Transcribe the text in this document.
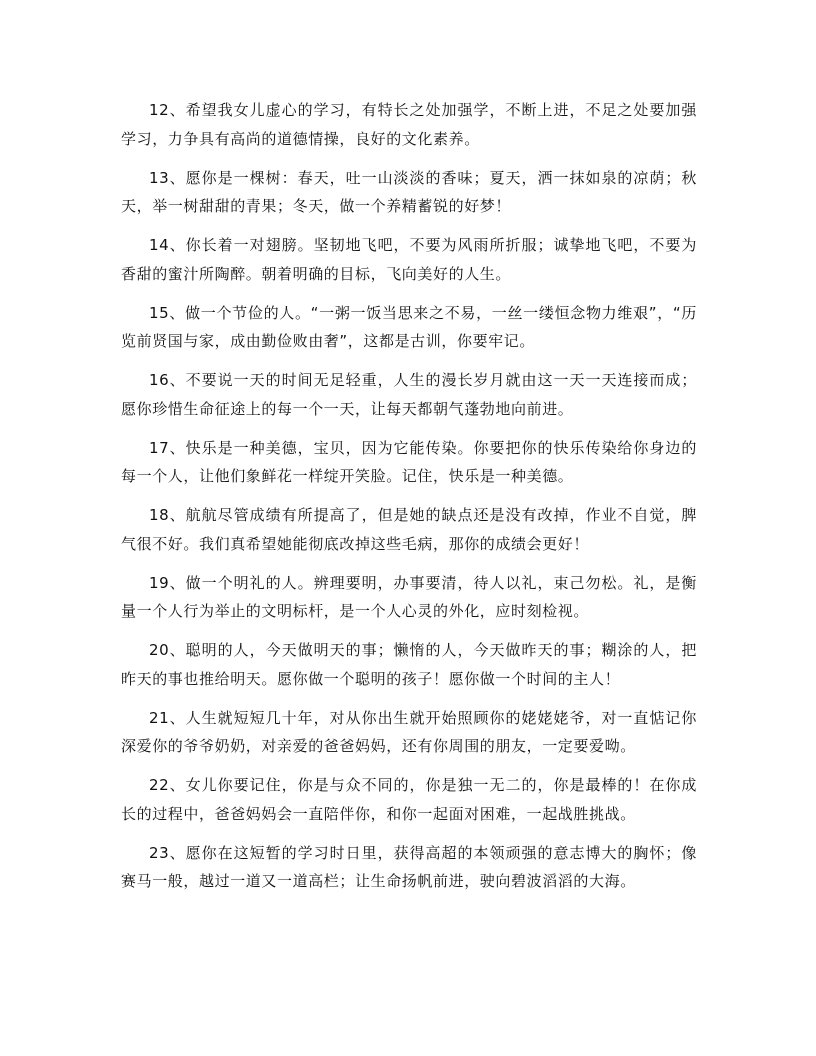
12、希望我女儿虚心的学习，有特长之处加强学，不断上进，不足之处要加强学习，力争具有高尚的道德情操，良好的文化素养。

13、愿你是一棵树：春天，吐一山淡淡的香味；夏天，洒一抹如泉的凉荫；秋天，举一树甜甜的青果；冬天，做一个养精蓄锐的好梦！

14、你长着一对翅膀。坚韧地飞吧，不要为风雨所折服；诚挚地飞吧，不要为香甜的蜜汁所陶醉。朝着明确的目标，飞向美好的人生。

15、做一个节俭的人。“一粥一饭当思来之不易，一丝一缕恒念物力维艰”，“历览前贤国与家，成由勤俭败由奢”，这都是古训，你要牢记。

16、不要说一天的时间无足轻重，人生的漫长岁月就由这一天一天连接而成；愿你珍惜生命征途上的每一个一天，让每天都朝气蓬勃地向前进。

17、快乐是一种美德，宝贝，因为它能传染。你要把你的快乐传染给你身边的每一个人，让他们象鲜花一样绽开笑脸。记住，快乐是一种美德。

18、航航尽管成绩有所提高了，但是她的缺点还是没有改掉，作业不自觉，脾气很不好。我们真希望她能彻底改掉这些毛病，那你的成绩会更好！

19、做一个明礼的人。辨理要明，办事要清，待人以礼，束己勿松。礼，是衡量一个人行为举止的文明标杆，是一个人心灵的外化，应时刻检视。

20、聪明的人，今天做明天的事；懒惰的人，今天做昨天的事；糊涂的人，把昨天的事也推给明天。愿你做一个聪明的孩子！愿你做一个时间的主人！

21、人生就短短几十年，对从你出生就开始照顾你的姥姥姥爷，对一直惦记你深爱你的爷爷奶奶，对亲爱的爸爸妈妈，还有你周围的朋友，一定要爱呦。

22、女儿你要记住，你是与众不同的，你是独一无二的，你是最棒的！在你成长的过程中，爸爸妈妈会一直陪伴你，和你一起面对困难，一起战胜挑战。

23、愿你在这短暂的学习时日里，获得高超的本领顽强的意志博大的胸怀；像赛马一般，越过一道又一道高栏；让生命扬帆前进，驶向碧波滔滔的大海。
